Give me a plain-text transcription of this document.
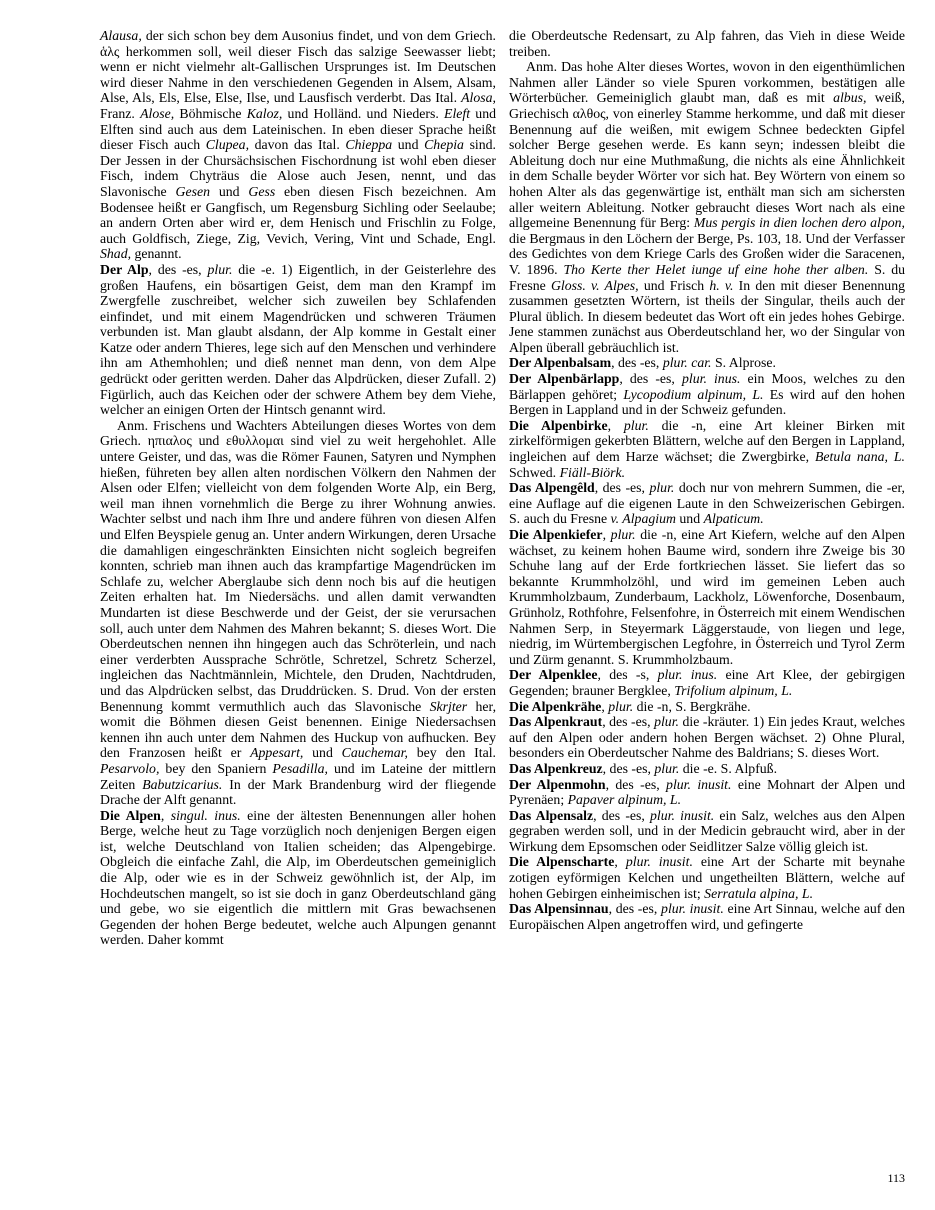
Alausa, der sich schon bey dem Ausonius findet, und von dem Griech. ἁλς herkommen soll, weil dieser Fisch das salzige Seewasser liebt; wenn er nicht vielmehr alt-Gallischen Ursprunges ist. Im Deutschen wird dieser Nahme in den verschiedenen Gegenden in Alsem, Alsam, Alse, Als, Els, Else, Else, Ilse, und Lausfisch verderbt. Das Ital. Alosa, Franz. Alose, Böhmische Kaloz, und Holländ. und Nieders. Eleft und Elften sind auch aus dem Lateinischen. In eben dieser Sprache heißt dieser Fisch auch Clupea, davon das Ital. Chieppa und Chepia sind. Der Jessen in der Chursächsischen Fischordnung ist wohl eben dieser Fisch, indem Chyträus die Alose auch Jesen, nennt, und das Slavonische Gesen und Gess eben diesen Fisch bezeichnen. Am Bodensee heißt er Gangfisch, um Regensburg Sichling oder Seelaube; an andern Orten aber wird er, dem Henisch und Frischlin zu Folge, auch Goldfisch, Ziege, Zig, Vevich, Vering, Vint und Schade, Engl. Shad, genannt.

Der Alp, des -es, plur. die -e. 1) Eigentlich, in der Geisterlehre des großen Haufens, ein bösartigen Geist, dem man den Krampf im Zwergfelle zuschreibet, welcher sich zuweilen bey Schlafenden einfindet, und mit einem Magendrücken und schweren Träumen verbunden ist. Man glaubt alsdann, der Alp komme in Gestalt einer Katze oder andern Thieres, lege sich auf den Menschen und verhindere ihn am Athemhohlen; und dieß nennet man denn, von dem Alpe gedrückt oder geritten werden. Daher das Alpdrücken, dieser Zufall. 2) Figürlich, auch das Keichen oder der schwere Athem bey dem Viehe, welcher an einigen Orten der Hintsch genannt wird.

Anm. Frischens und Wachters Abteilungen dieses Wortes von dem Griech. ηπιαλος und εθυλλομαι sind viel zu weit hergehohlet. Alle untere Geister, und das, was die Römer Faunen, Satyren und Nymphen hießen, führeten bey allen alten nordischen Völkern den Nahmen der Alsen oder Elfen; vielleicht von dem folgenden Worte Alp, ein Berg, weil man ihnen vornehmlich die Berge zu ihrer Wohnung anwies. Wachter selbst und nach ihm Ihre und andere führen von diesen Alfen und Elfen Beyspiele genug an. Unter andern Wirkungen, deren Ursache die damahligen eingeschränkten Einsichten nicht sogleich begreifen konnten, schrieb man ihnen auch das krampfartige Magendrücken im Schlafe zu, welcher Aberglaube sich denn noch bis auf die heutigen Zeiten erhalten hat. Im Niedersächs. und allen damit verwandten Mundarten ist diese Beschwerde und der Geist, der sie verursachen soll, auch unter dem Nahmen des Mahren bekannt; S. dieses Wort. Die Oberdeutschen nennen ihn hingegen auch das Schröterlein, und nach einer verderbten Aussprache Schrötle, Schretzel, Schretz Scherzel, ingleichen das Nachtmännlein, Michtele, den Druden, Nachtdruden, und das Alpdrücken selbst, das Druddrücken. S. Drud. Von der ersten Benennung kommt vermuthlich auch das Slavonische Skrjter her, womit die Böhmen diesen Geist benennen. Einige Niedersachsen kennen ihn auch unter dem Nahmen des Huckup von aufhucken. Bey den Franzosen heißt er Appesart, und Cauchemar, bey den Ital. Pesarvolo, bey den Spaniern Pesadilla, und im Lateine der mittlern Zeiten Babutzicarius. In der Mark Brandenburg wird der fliegende Drache der Alft genannt.

Die Alpen, singul. inus. eine der ältesten Benennungen aller hohen Berge, welche heut zu Tage vorzüglich noch denjenigen Bergen eigen ist, welche Deutschland von Italien scheiden; das Alpengebirge. Obgleich die einfache Zahl, die Alp, im Oberdeutschen gemeiniglich die Alp, oder wie es in der Schweiz gewöhnlich ist, der Alp, im Hochdeutschen mangelt, so ist sie doch in ganz Oberdeutschland gäng und gebe, wo sie eigentlich die mittlern mit Gras bewachsenen Gegenden der hohen Berge bedeutet, welche auch Alpungen genannt werden. Daher kommt

die Oberdeutsche Redensart, zu Alp fahren, das Vieh in diese Weide treiben.

Anm. Das hohe Alter dieses Wortes, wovon in den eigenthümlichen Nahmen aller Länder so viele Spuren vorkommen, bestätigen alle Wörterbücher. Gemeiniglich glaubt man, daß es mit albus, weiß, Griechisch αλθος, von einerley Stamme herkomme, und daß mit dieser Benennung auf die weißen, mit ewigem Schnee bedeckten Gipfel solcher Berge gesehen werde. Es kann seyn; indessen bleibt die Ableitung doch nur eine Muthmaßung, die nichts als eine Ähnlichkeit in dem Schalle beyder Wörter vor sich hat. Bey Wörtern von einem so hohen Alter als das gegenwärtige ist, enthält man sich am sichersten aller weitern Ableitung. Notker gebraucht dieses Wort nach als eine allgemeine Benennung für Berg: Mus pergis in dien lochen dero alpon, die Bergmaus in den Löchern der Berge, Ps. 103, 18. Und der Verfasser des Gedichtes von dem Kriege Carls des Großen wider die Saracenen, V. 1896. Tho Kerte ther Helet iunge uf eine hohe ther alben. S. du Fresne Gloss. v. Alpes, und Frisch h. v. In den mit dieser Benennung zusammen gesetzten Wörtern, ist theils der Singular, theils auch der Plural üblich. In diesem bedeutet das Wort oft ein jedes hohes Gebirge. Jene stammen zunächst aus Oberdeutschland her, wo der Singular von Alpen überall gebräuchlich ist.

Der Alpenbalsam, des -es, plur. car. S. Alprose.

Der Alpenbärlapp, des -es, plur. inus. ein Moos, welches zu den Bärlappen gehöret; Lycopodium alpinum, L. Es wird auf den hohen Bergen in Lappland und in der Schweiz gefunden.

Die Alpenbirke, plur. die -n, eine Art kleiner Birken mit zirkelförmigen gekerbten Blättern, welche auf den Bergen in Lappland, ingleichen auf dem Harze wächset; die Zwergbirke, Betula nana, L. Schwed. Fiäll-Biörk.

Das Alpengêld, des -es, plur. doch nur von mehrern Summen, die -er, eine Auflage auf die eigenen Laute in den Schweizerischen Gebirgen. S. auch du Fresne v. Alpagium und Alpaticum.

Die Alpenkiefer, plur. die -n, eine Art Kiefern, welche auf den Alpen wächset, zu keinem hohen Baume wird, sondern ihre Zweige bis 30 Schuhe lang auf der Erde fortkriechen lässet. Sie liefert das so bekannte Krummholzöhl, und wird im gemeinen Leben auch Krummholzbaum, Zunderbaum, Lackholz, Löwenforche, Dosenbaum, Grünholz, Rothfohre, Felsenfohre, in Österreich mit einem Wendischen Nahmen Serp, in Steyermark Läggerstaude, von liegen und lege, niedrig, im Würtembergischen Legfohre, in Österreich und Tyrol Zerm und Zürm genannt. S. Krummholzbaum.

Der Alpenklee, des -s, plur. inus. eine Art Klee, der gebirgigen Gegenden; brauner Bergklee, Trifolium alpinum, L.

Die Alpenkrähe, plur. die -n, S. Bergkrähe.

Das Alpenkraut, des -es, plur. die -kräuter. 1) Ein jedes Kraut, welches auf den Alpen oder andern hohen Bergen wächset. 2) Ohne Plural, besonders ein Oberdeutscher Nahme des Baldrians; S. dieses Wort.

Das Alpenkreuz, des -es, plur. die -e. S. Alpfuß.

Der Alpenmohn, des -es, plur. inusit. eine Mohnart der Alpen und Pyrenäen; Papaver alpinum, L.

Das Alpensalz, des -es, plur. inusit. ein Salz, welches aus den Alpen gegraben werden soll, und in der Medicin gebraucht wird, aber in der Wirkung dem Epsomschen oder Seidlitzer Salze völlig gleich ist.

Die Alpenscharte, plur. inusit. eine Art der Scharte mit beynahe zotigen eyförmigen Kelchen und ungetheilten Blättern, welche auf hohen Gebirgen einheimischen ist; Serratula alpina, L.

Das Alpensinnau, des -es, plur. inusit. eine Art Sinnau, welche auf den Europäischen Alpen angetroffen wird, und gefingerte

113
